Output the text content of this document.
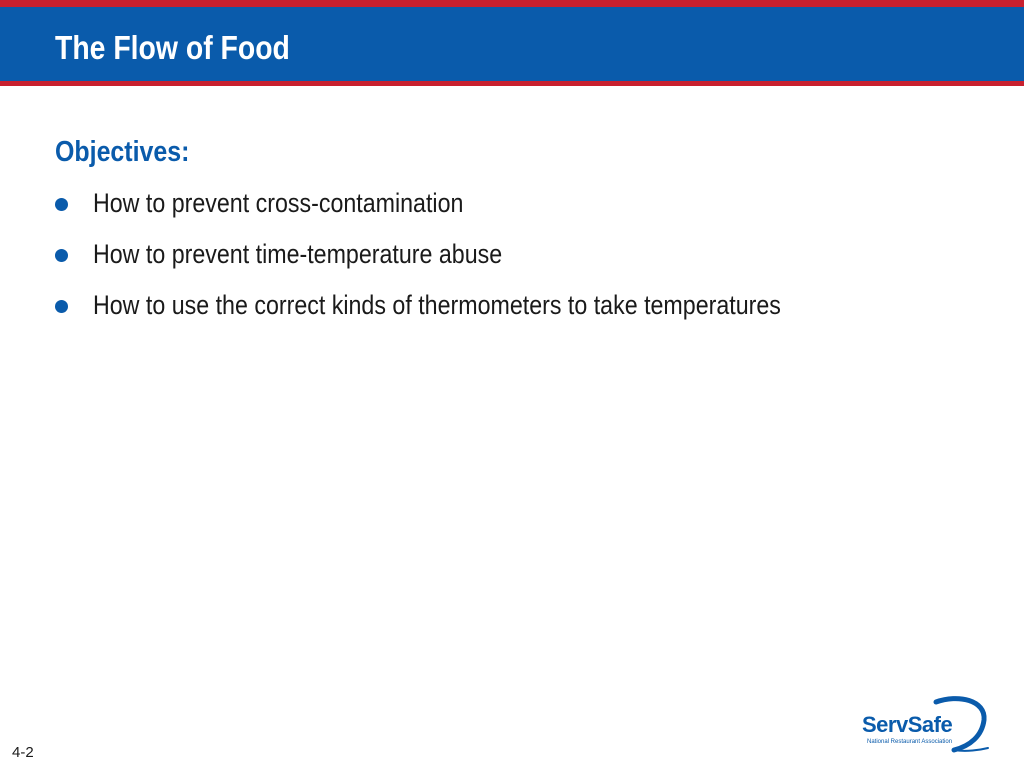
The Flow of Food
Objectives:
How to prevent cross-contamination
How to prevent time-temperature abuse
How to use the correct kinds of thermometers to take temperatures
4-2
ServSafe
National Restaurant Association
